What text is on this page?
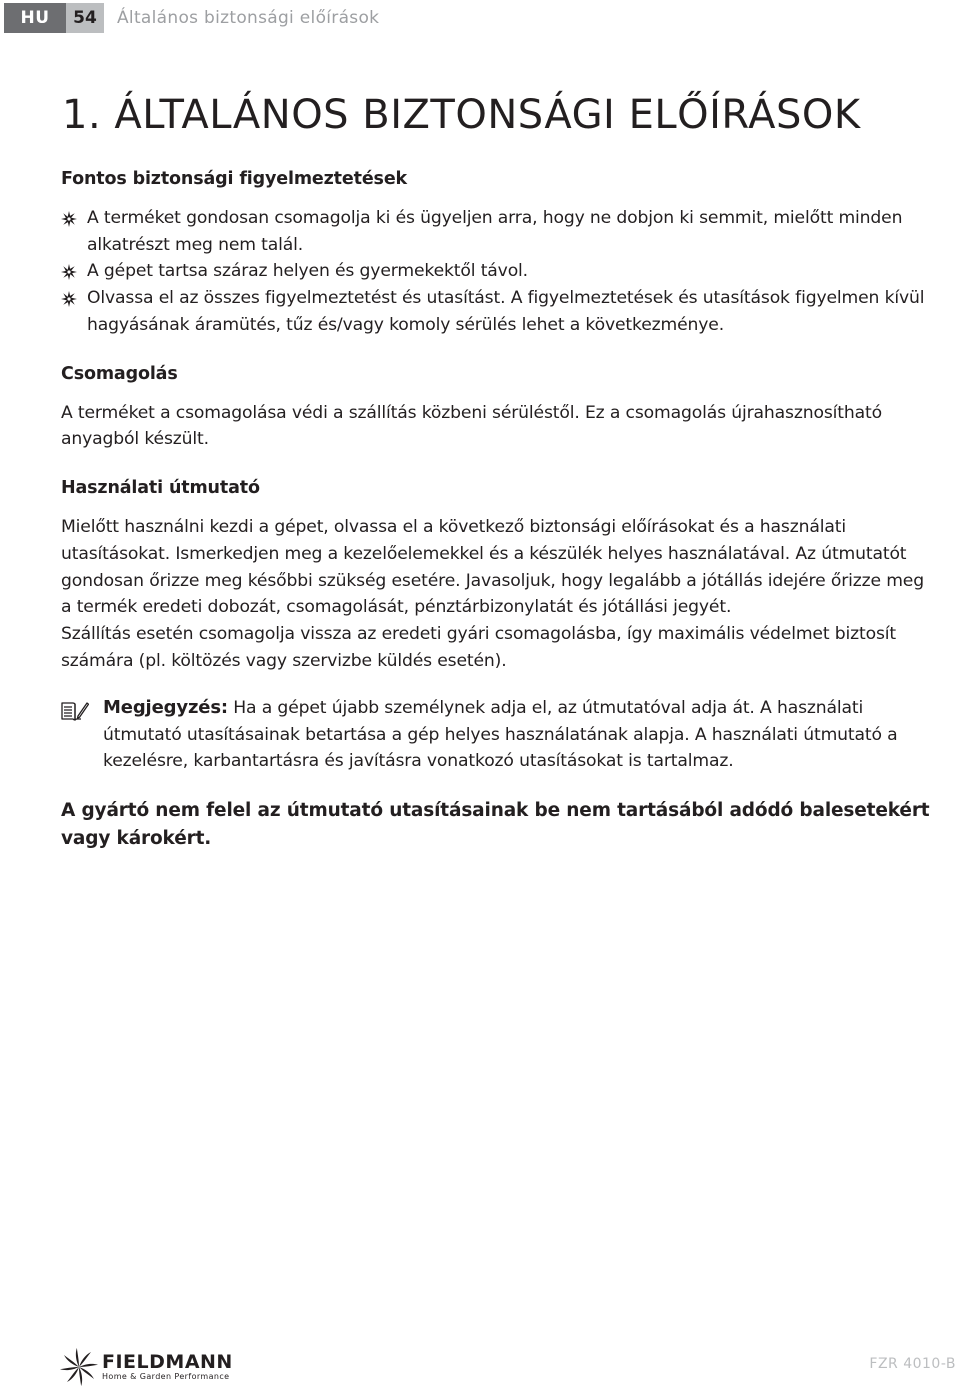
HU	54	Általános biztonsági előírások
1. ÁLTALÁNOS BIZTONSÁGI ELŐÍRÁSOK
Fontos biztonsági figyelmeztetések
A terméket gondosan csomagolja ki és ügyeljen arra, hogy ne dobjon ki semmit, mielőtt minden alkatrészt meg nem talál.
A gépet tartsa száraz helyen és gyermekektől távol.
Olvassa el az összes figyelmeztetést és utasítást. A figyelmeztetések és utasítások figyelmen kívül hagyásának áramütés, tűz és/vagy komoly sérülés lehet a következménye.
Csomagolás

A terméket a csomagolása védi a szállítás közbeni sérüléstől. Ez a csomagolás újrahasznosítható anyagból készült.

Használati útmutató

Mielőtt használni kezdi a gépet, olvassa el a következő biztonsági előírásokat és a használati utasításokat. Ismerkedjen meg a kezelőelemekkel és a készülék helyes használatával. Az útmutatót gondosan őrizze meg későbbi szükség esetére. Javasoljuk, hogy legalább a jótállás idejére őrizze meg a termék eredeti dobozát, csomagolását, pénztárbizonylatát és jótállási jegyét.

Szállítás esetén csomagolja vissza az eredeti gyári csomagolásba, így maximális védelmet biztosít számára (pl. költözés vagy szervizbe küldés esetén).

Megjegyzés: Ha a gépet újabb személynek adja el, az útmutatóval adja át. A használati útmutató utasításainak betartása a gép helyes használatának alapja. A használati útmutató a kezelésre, karbantartásra és javításra vonatkozó utasításokat is tartalmaz.

A gyártó nem felel az útmutató utasításainak be nem tartásából adódó balesetekért vagy károkért.

FIELDMANN
Home & Garden Performance
FZR 4010-B
